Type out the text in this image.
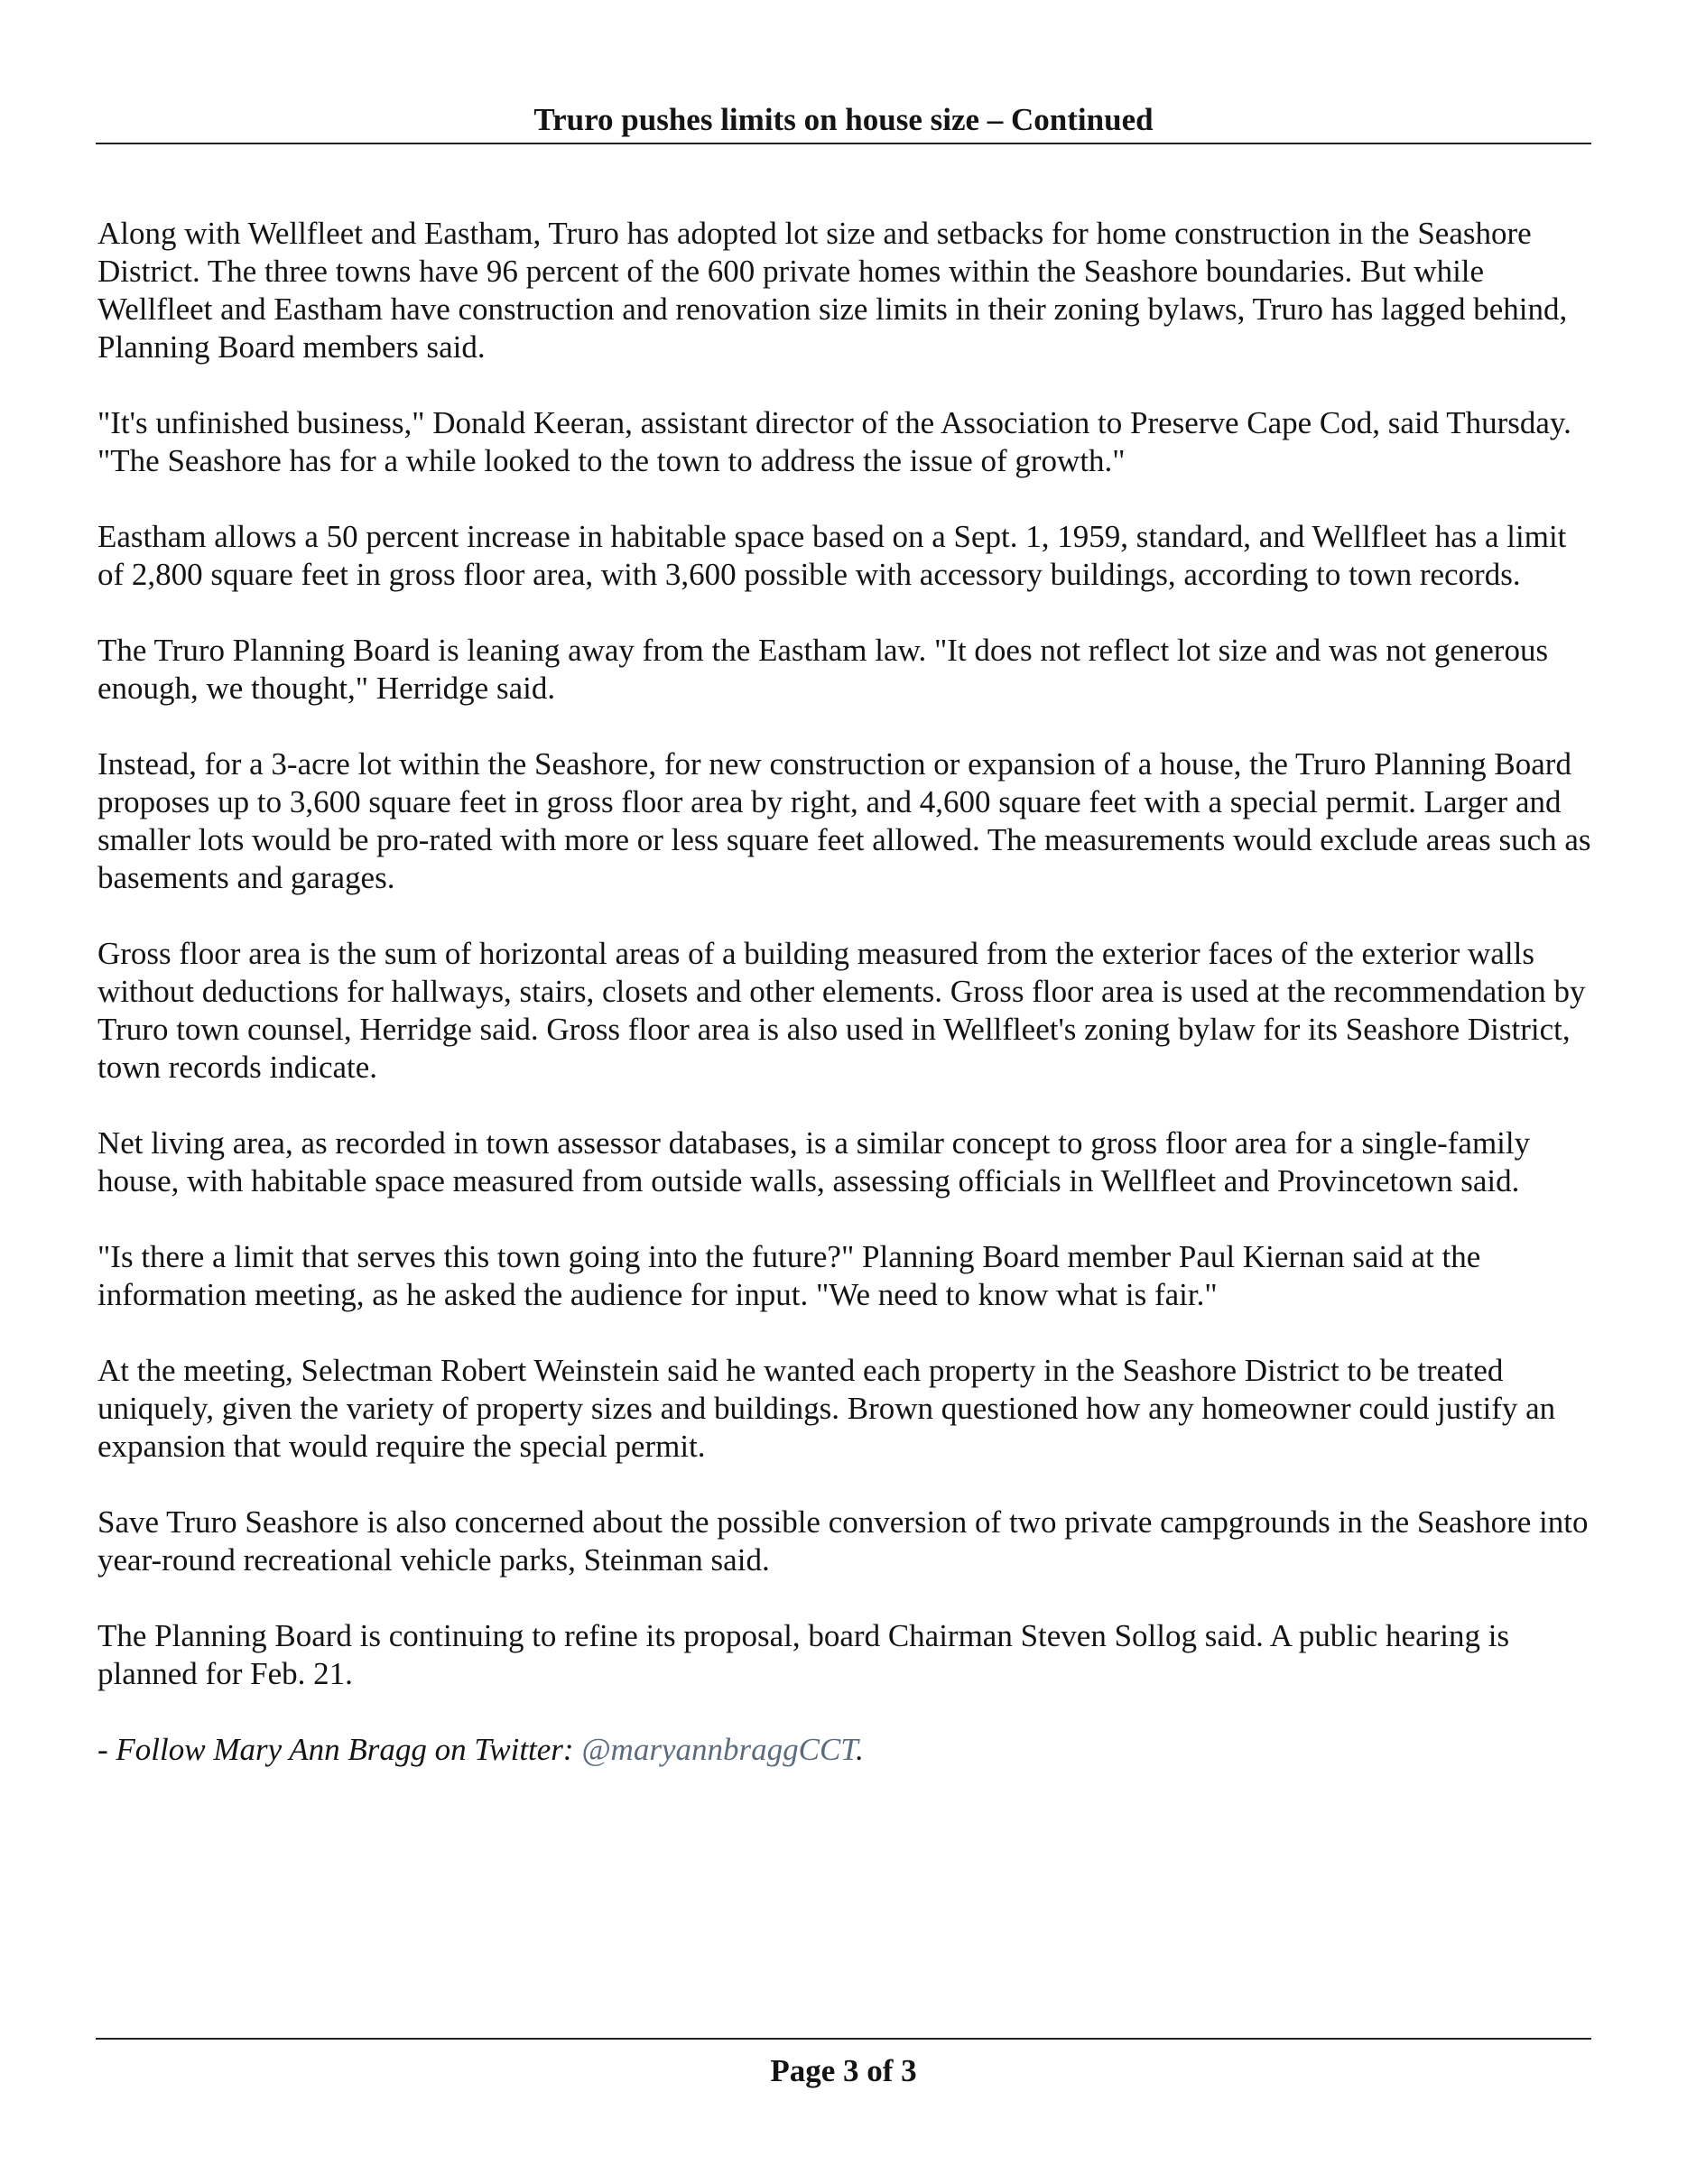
Truro pushes limits on house size – Continued

Along with Wellfleet and Eastham, Truro has adopted lot size and setbacks for home construction in the Seashore District. The three towns have 96 percent of the 600 private homes within the Seashore boundaries. But while Wellfleet and Eastham have construction and renovation size limits in their zoning bylaws, Truro has lagged behind, Planning Board members said.

"It's unfinished business," Donald Keeran, assistant director of the Association to Preserve Cape Cod, said Thursday. "The Seashore has for a while looked to the town to address the issue of growth."

Eastham allows a 50 percent increase in habitable space based on a Sept. 1, 1959, standard, and Wellfleet has a limit of 2,800 square feet in gross floor area, with 3,600 possible with accessory buildings, according to town records.

The Truro Planning Board is leaning away from the Eastham law. "It does not reflect lot size and was not generous enough, we thought," Herridge said.

Instead, for a 3-acre lot within the Seashore, for new construction or expansion of a house, the Truro Planning Board proposes up to 3,600 square feet in gross floor area by right, and 4,600 square feet with a special permit. Larger and smaller lots would be pro-rated with more or less square feet allowed. The measurements would exclude areas such as basements and garages.

Gross floor area is the sum of horizontal areas of a building measured from the exterior faces of the exterior walls without deductions for hallways, stairs, closets and other elements. Gross floor area is used at the recommendation by Truro town counsel, Herridge said. Gross floor area is also used in Wellfleet's zoning bylaw for its Seashore District, town records indicate.

Net living area, as recorded in town assessor databases, is a similar concept to gross floor area for a single-family house, with habitable space measured from outside walls, assessing officials in Wellfleet and Provincetown said.

"Is there a limit that serves this town going into the future?" Planning Board member Paul Kiernan said at the information meeting, as he asked the audience for input. "We need to know what is fair."

At the meeting, Selectman Robert Weinstein said he wanted each property in the Seashore District to be treated uniquely, given the variety of property sizes and buildings. Brown questioned how any homeowner could justify an expansion that would require the special permit.

Save Truro Seashore is also concerned about the possible conversion of two private campgrounds in the Seashore into year-round recreational vehicle parks, Steinman said.

The Planning Board is continuing to refine its proposal, board Chairman Steven Sollog said. A public hearing is planned for Feb. 21.

- Follow Mary Ann Bragg on Twitter: @maryannbraggCCT.

Page 3 of 3
